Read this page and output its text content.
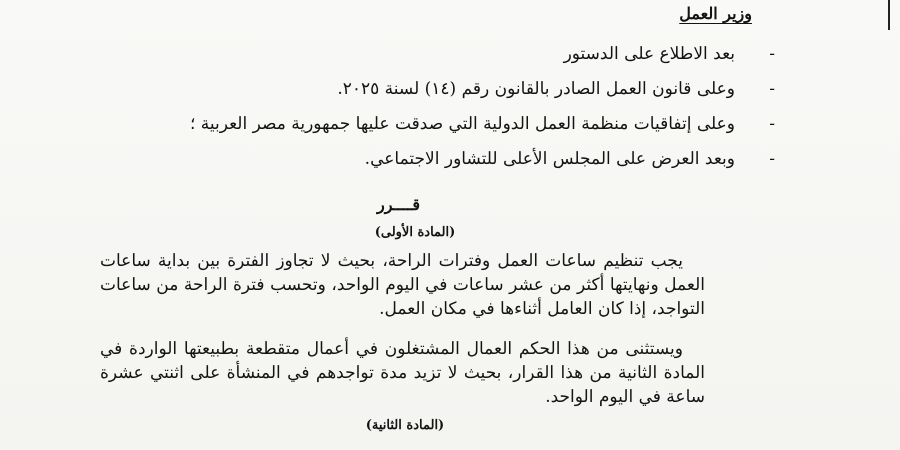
وزير العمل
-
بعد الاطلاع على الدستور
-
وعلى قانون العمل الصادر بالقانون رقم (١٤) لسنة ٢٠٢٥.
-
وعلى إتفاقيات منظمة العمل الدولية التي صدقت عليها جمهورية مصر العربية ؛
-
وبعد العرض على المجلس الأعلى للتشاور الاجتماعي.
قــــرر
(المادة الأولى)

يجب تنظيم ساعات العمل وفترات الراحة، بحيث لا تجاوز الفترة بين بداية ساعات العمل ونهايتها أكثر من عشر ساعات في اليوم الواحد، وتحسب فترة الراحة من ساعات التواجد، إذا كان العامل أثناءها في مكان العمل.

ويستثنى من هذا الحكم العمال المشتغلون في أعمال متقطعة بطبيعتها الواردة في المادة الثانية من هذا القرار، بحيث لا تزيد مدة تواجدهم في المنشأة على اثنتي عشرة ساعة في اليوم الواحد.

(المادة الثانية)
